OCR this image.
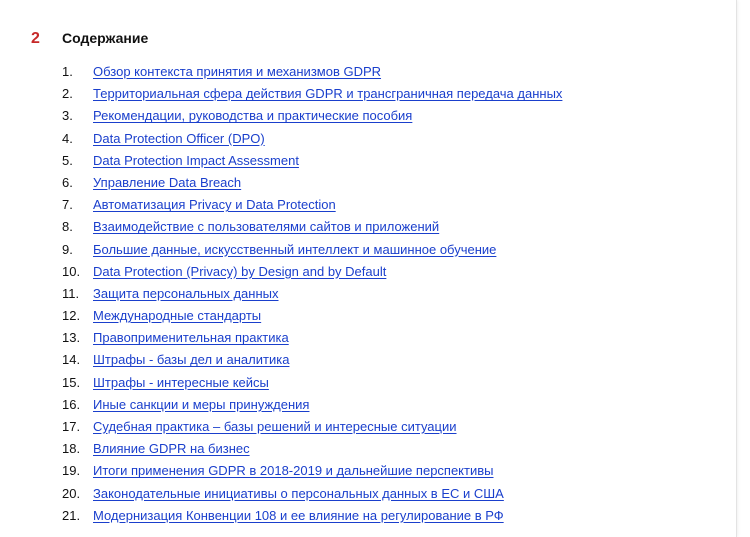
2	Содержание
1.	Обзор контекста принятия и механизмов GDPR
2.	Территориальная сфера действия GDPR и трансграничная передача данных
3.	Рекомендации, руководства и практические пособия
4.	Data Protection Officer (DPO)
5.	Data Protection Impact Assessment
6.	Управление Data Breach
7.	Автоматизация Privacy и Data Protection
8.	Взаимодействие с пользователями сайтов и приложений
9.	Большие данные, искусственный интеллект и машинное обучение
10. Data Protection (Privacy) by Design and by Default
11.	Защита персональных данных
12. Международные стандарты
13. Правоприменительная практика
14. Штрафы - базы дел и аналитика
15. Штрафы - интересные кейсы
16. Иные санкции и меры принуждения
17. Судебная практика – базы решений и интересные ситуации
18. Влияние GDPR на бизнес
19. Итоги применения GDPR в 2018-2019 и дальнейшие перспективы
20. Законодательные инициативы о персональных данных в ЕС и США
21. Модернизация Конвенции 108 и ее влияние на регулирование в РФ
